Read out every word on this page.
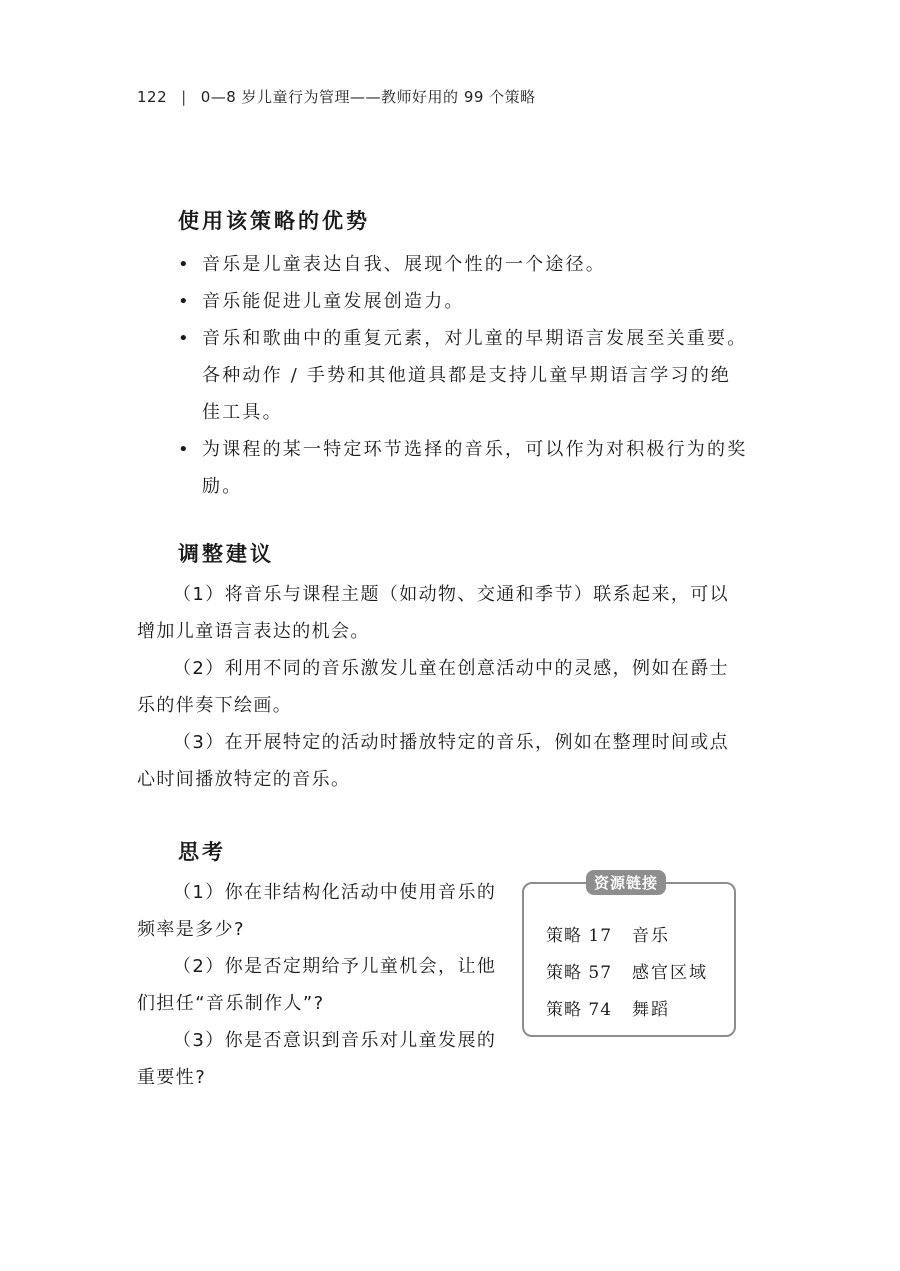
122 | 0—8 岁儿童行为管理——教师好用的 99 个策略
使用该策略的优势
• 音乐是儿童表达自我、展现个性的一个途径。
• 音乐能促进儿童发展创造力。
• 音乐和歌曲中的重复元素，对儿童的早期语言发展至关重要。各种动作 / 手势和其他道具都是支持儿童早期语言学习的绝佳工具。
• 为课程的某一特定环节选择的音乐，可以作为对积极行为的奖励。
调整建议

（1）将音乐与课程主题（如动物、交通和季节）联系起来，可以增加儿童语言表达的机会。

（2）利用不同的音乐激发儿童在创意活动中的灵感，例如在爵士乐的伴奏下绘画。

（3）在开展特定的活动时播放特定的音乐，例如在整理时间或点心时间播放特定的音乐。

思考

（1）你在非结构化活动中使用音乐的频率是多少?

（2）你是否定期给予儿童机会，让他们担任“音乐制作人”?

（3）你是否意识到音乐对儿童发展的重要性?

资源链接
策略 17 音乐
策略 57 感官区域
策略 74 舞蹈
